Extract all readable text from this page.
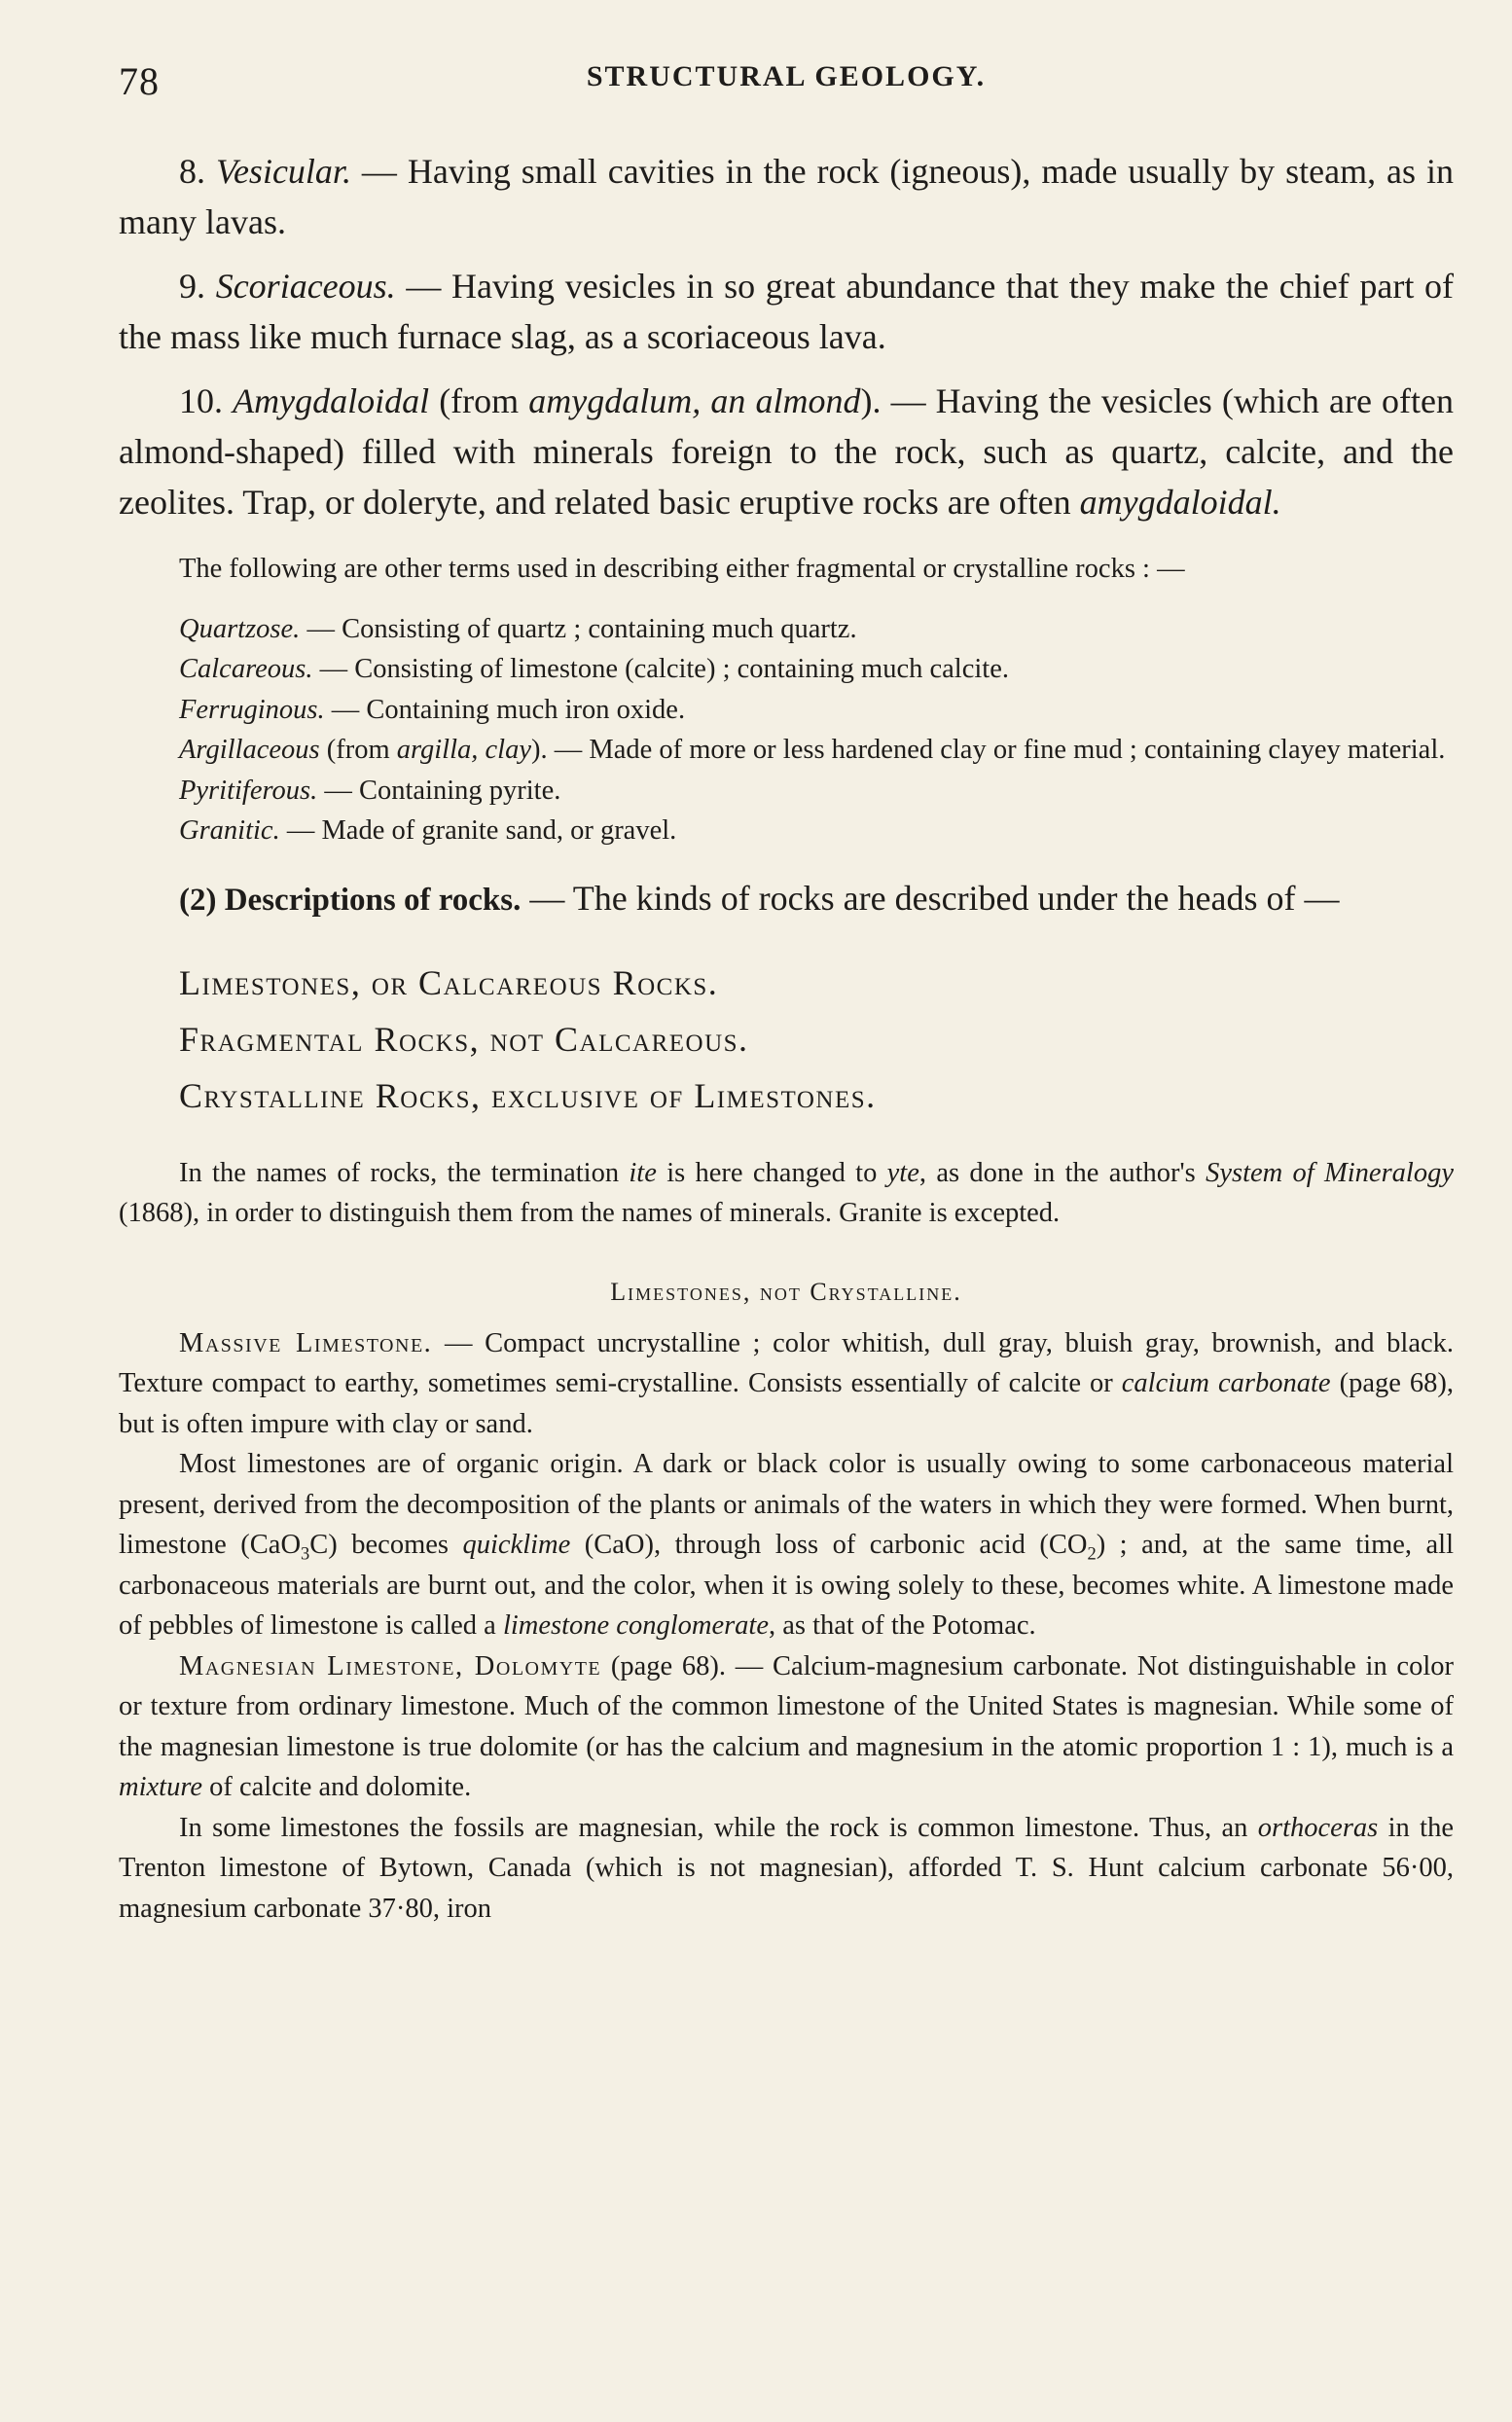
78	STRUCTURAL GEOLOGY.

8. Vesicular. — Having small cavities in the rock (igneous), made usually by steam, as in many lavas.

9. Scoriaceous. — Having vesicles in so great abundance that they make the chief part of the mass like much furnace slag, as a scoriaceous lava.

10. Amygdaloidal (from amygdalum, an almond). — Having the vesicles (which are often almond-shaped) filled with minerals foreign to the rock, such as quartz, calcite, and the zeolites. Trap, or doleryte, and related basic eruptive rocks are often amygdaloidal.

The following are other terms used in describing either fragmental or crystalline rocks : —

Quartzose. — Consisting of quartz ; containing much quartz.

Calcareous. — Consisting of limestone (calcite) ; containing much calcite.

Ferruginous. — Containing much iron oxide.

Argillaceous (from argilla, clay). — Made of more or less hardened clay or fine mud ; containing clayey material.

Pyritiferous. — Containing pyrite.

Granitic. — Made of granite sand, or gravel.

(2) Descriptions of rocks. — The kinds of rocks are described under the heads of —

Limestones, or Calcareous Rocks.
Fragmental Rocks, not Calcareous.
Crystalline Rocks, exclusive of Limestones.

In the names of rocks, the termination ite is here changed to yte, as done in the author's System of Mineralogy (1868), in order to distinguish them from the names of minerals. Granite is excepted.

Limestones, not Crystalline.

Massive Limestone. — Compact uncrystalline ; color whitish, dull gray, bluish gray, brownish, and black. Texture compact to earthy, sometimes semi-crystalline. Consists essentially of calcite or calcium carbonate (page 68), but is often impure with clay or sand.

Most limestones are of organic origin. A dark or black color is usually owing to some carbonaceous material present, derived from the decomposition of the plants or animals of the waters in which they were formed. When burnt, limestone (CaO$_3$C) becomes quicklime (CaO), through loss of carbonic acid $(CO_2)$ ; and, at the same time, all carbonaceous materials are burnt out, and the color, when it is owing solely to these, becomes white. A limestone made of pebbles of limestone is called a limestone conglomerate, as that of the Potomac.

Magnesian Limestone, Dolomyte (page 68). — Calcium-magnesium carbonate. Not distinguishable in color or texture from ordinary limestone. Much of the common limestone of the United States is magnesian. While some of the magnesian limestone is true dolomite (or has the calcium and magnesium in the atomic proportion 1 : 1), much is a mixture of calcite and dolomite.

In some limestones the fossils are magnesian, while the rock is common limestone. Thus, an orthoceras in the Trenton limestone of Bytown, Canada (which is not magnesian), afforded T. S. Hunt calcium carbonate 56·00, magnesium carbonate 37·80, iron
